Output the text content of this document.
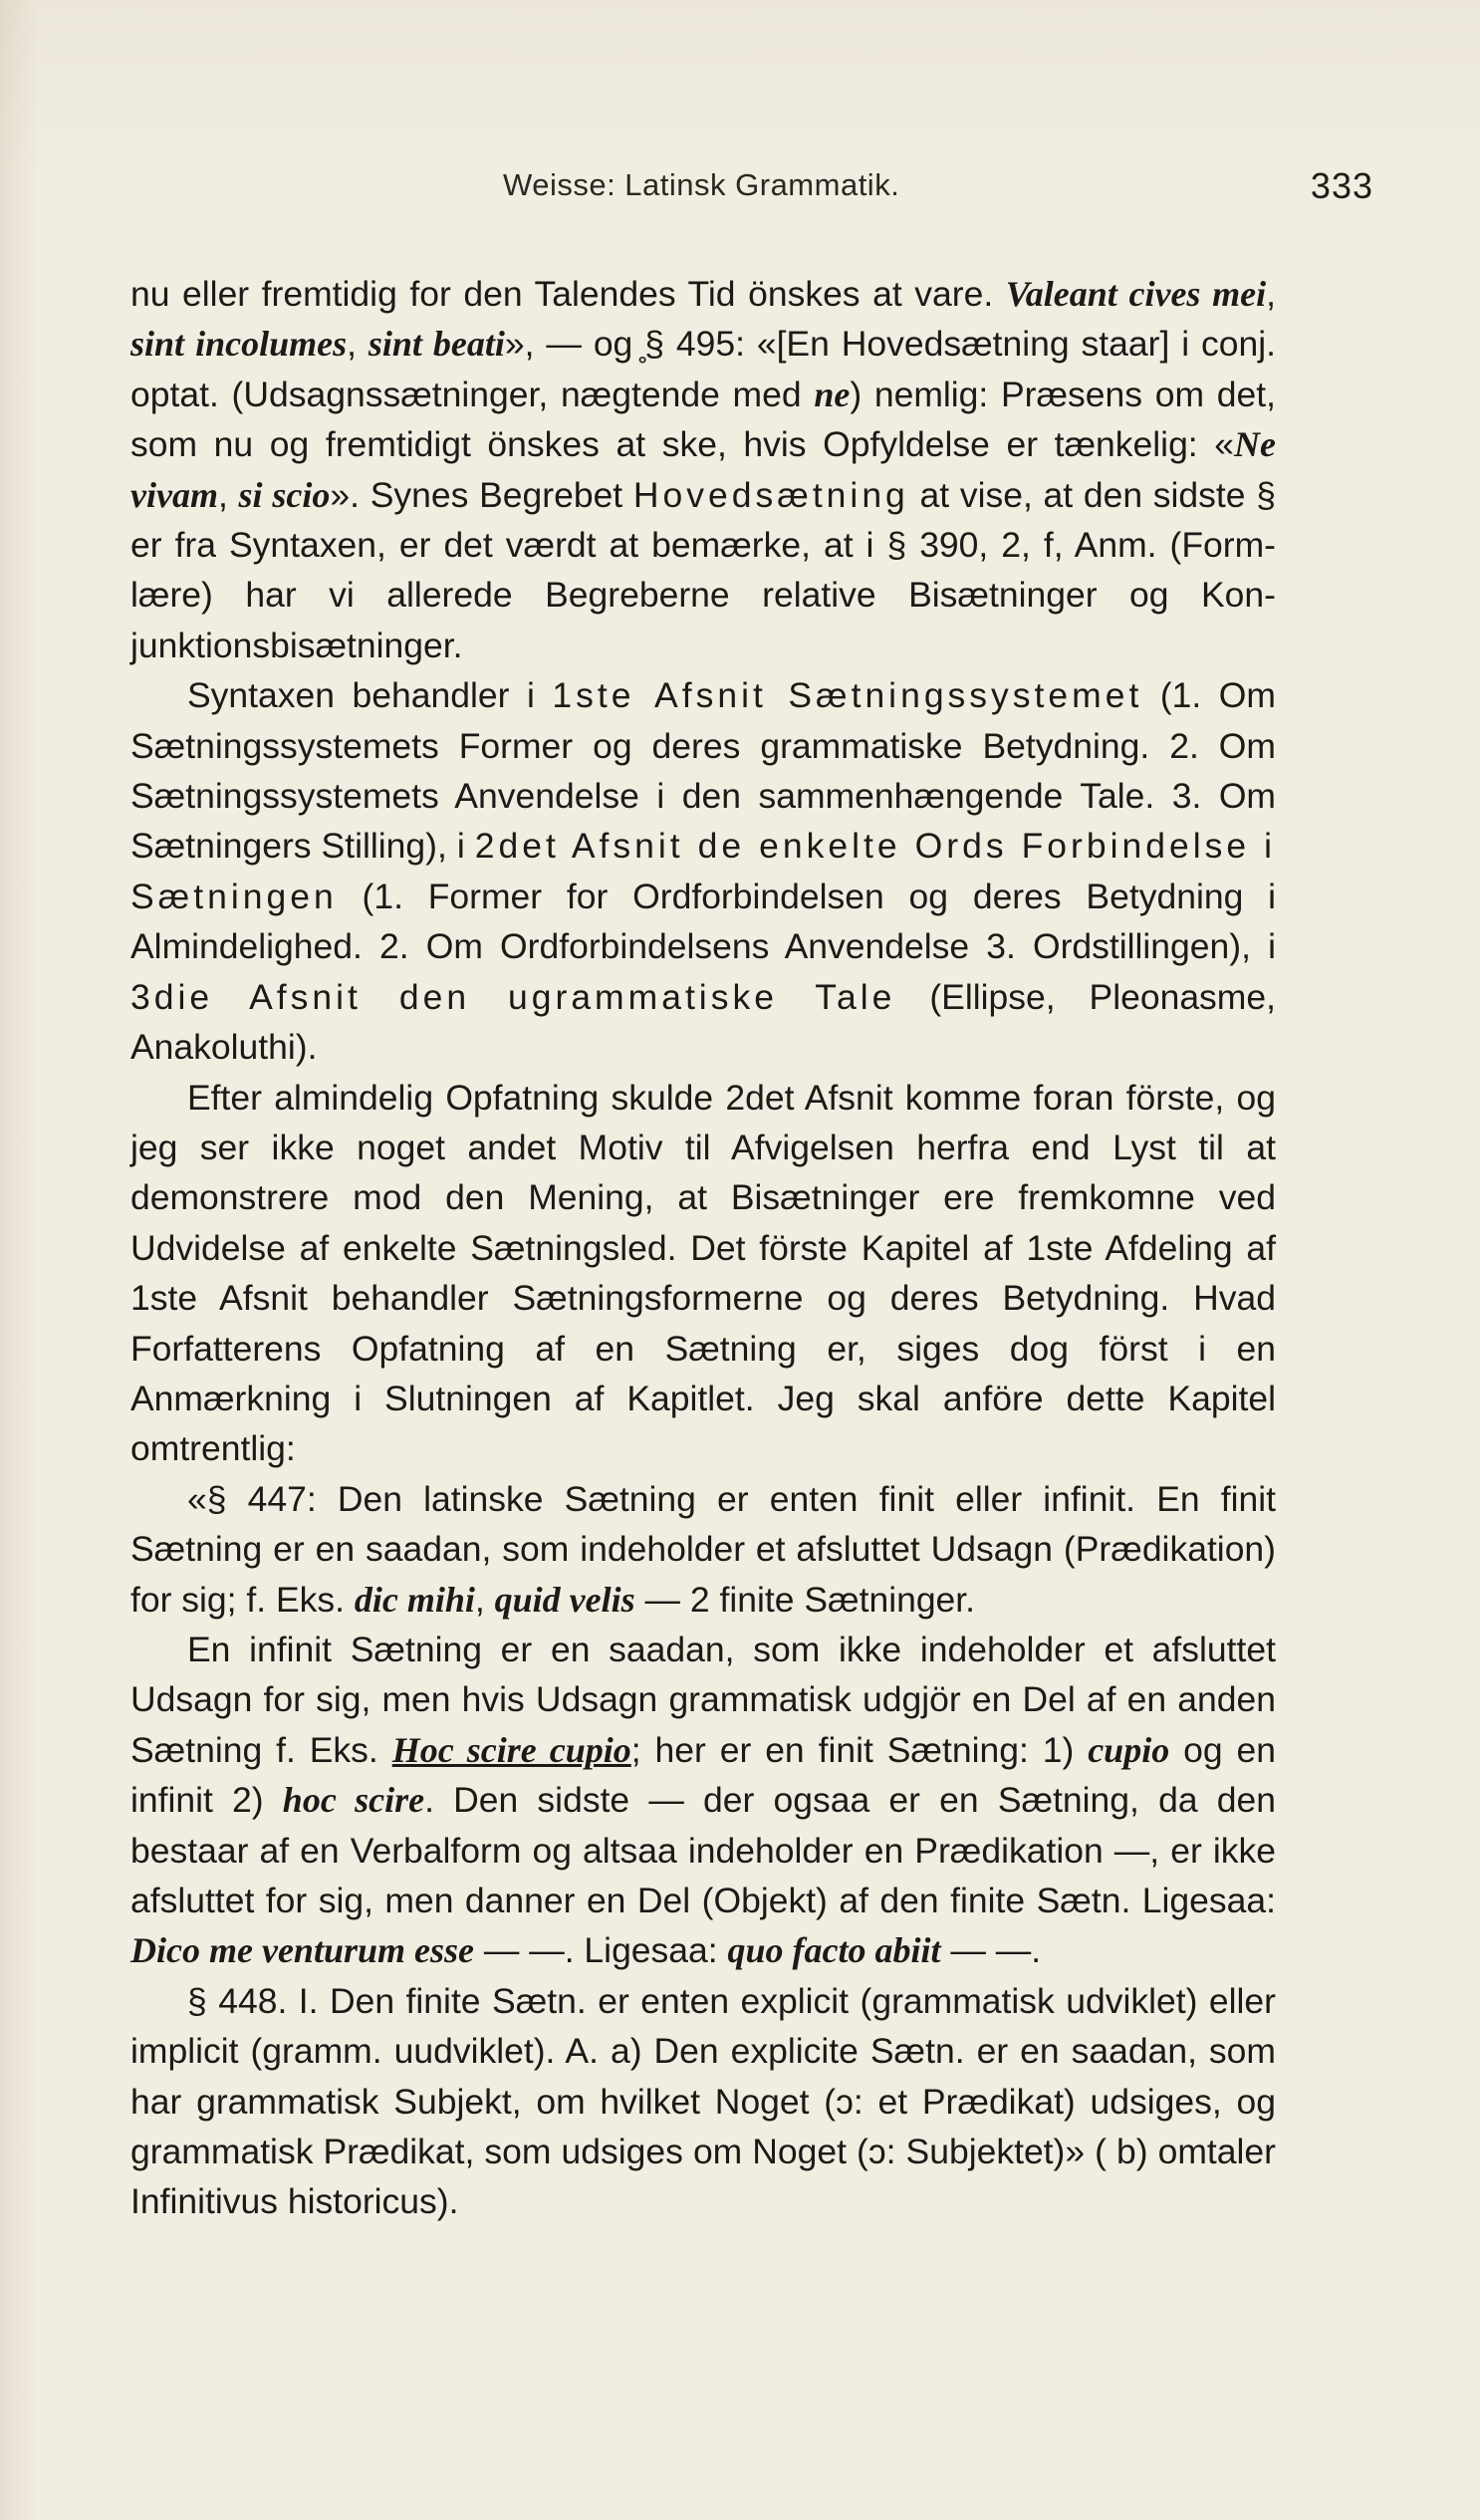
Weisse: Latinsk Grammatik.	333

nu eller fremtidig for den Talendes Tid önskes at vare. Valeant cives mei, sint incolumes, sint beati», — og ̥§ 495: «[En Hovedsætning staar] i conj. optat. (Udsagnssætninger, nægtende med ne) nemlig: Præsens om det, som nu og fremtidigt önskes at ske, hvis Opfyldelse er tænkelig: «Ne vivam, si scio». Synes Begrebet Hovedsætning at vise, at den sidste § er fra Syntaxen, er det værdt at bemærke, at i § 390, 2, f, Anm. (Formlære) har vi allerede Begreberne relative Bisætninger og Konjunktionsbisætninger.

Syntaxen behandler i 1ste Afsnit Sætningssystemet (1. Om Sætningssystemets Former og deres grammatiske Betydning. 2. Om Sætningssystemets Anvendelse i den sammenhængende Tale. 3. Om Sætningers Stilling), i 2det Afsnit de enkelte Ords Forbindelse i Sætningen (1. Former for Ordforbindelsen og deres Betydning i Almindelighed. 2. Om Ordforbindelsens Anvendelse 3. Ordstillingen), i 3die Afsnit den ugrammatiske Tale (Ellipse, Pleonasme, Anakoluthi).

Efter almindelig Opfatning skulde 2det Afsnit komme foran förste, og jeg ser ikke noget andet Motiv til Afvigelsen herfra end Lyst til at demonstrere mod den Mening, at Bisætninger ere fremkomne ved Udvidelse af enkelte Sætningsled. Det förste Kapitel af 1ste Afdeling af 1ste Afsnit behandler Sætningsformerne og deres Betydning. Hvad Forfatterens Opfatning af en Sætning er, siges dog först i en Anmærkning i Slutningen af Kapitlet. Jeg skal anföre dette Kapitel omtrentlig:

«§ 447: Den latinske Sætning er enten finit eller infinit. En finit Sætning er en saadan, som indeholder et afsluttet Udsagn (Prædikation) for sig; f. Eks. dic mihi, quid velis — 2 finite Sætninger.

En infinit Sætning er en saadan, som ikke indeholder et afsluttet Udsagn for sig, men hvis Udsagn grammatisk udgjör en Del af en anden Sætning f. Eks. Hoc scire cupio; her er en finit Sætning: 1) cupio og en infinit 2) hoc scire. Den sidste — der ogsaa er en Sætning, da den bestaar af en Verbalform og altsaa indeholder en Prædikation —, er ikke afsluttet for sig, men danner en Del (Objekt) af den finite Sætn. Ligesaa: Dico me venturum esse — —. Ligesaa: quo facto abiit — —.

§ 448. I. Den finite Sætn. er enten explicit (grammatisk udviklet) eller implicit (gramm. uudviklet). A. a) Den explicite Sætn. er en saadan, som har grammatisk Subjekt, om hvilket Noget (ɔ: et Prædikat) udsiges, og grammatisk Prædikat, som udsiges om Noget (ɔ: Subjektet)» ( b) omtaler Infinitivus historicus).
